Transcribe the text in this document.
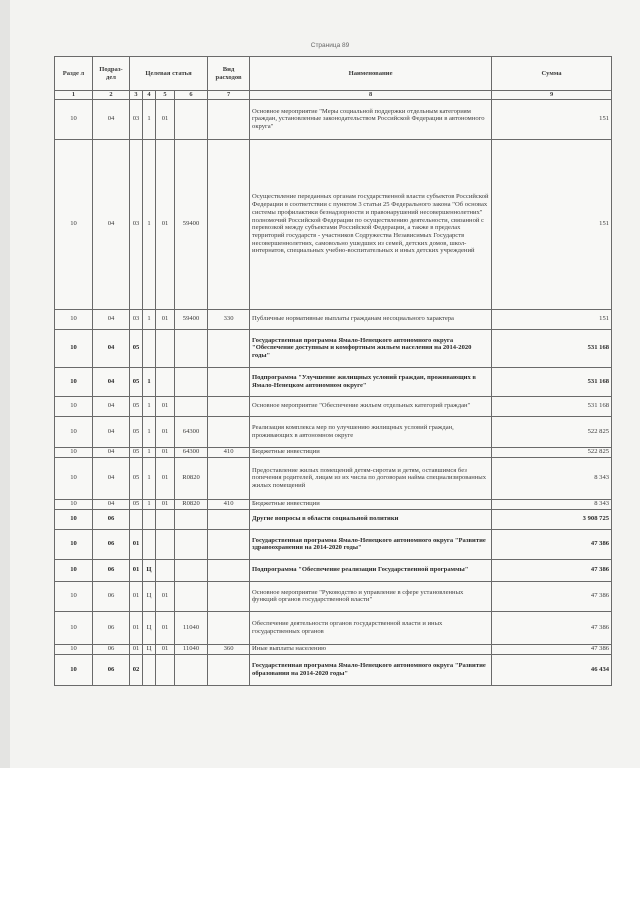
Страница 89
Разде л	Подраз- дел	Целевая статья				Вид расходов	Наименование	Сумма
1	2	3	4	5	6	7	8	9
10	04	03	1	01			Основное мероприятие "Меры социальной поддержки отдельным категориям граждан, установленные законодательством Российской Федерации в автономного округа"	151
10	04	03	1	01	59400		Осуществление переданных органам государственной власти субъектов Российской Федерации в соответствии с пунктом 3 статьи 25 Федерального закона "Об основах системы профилактики безнадзорности и правонарушений несовершеннолетних" полномочий Российской Федерации по осуществлению деятельности, связанной с перевозкой между субъектами Российской Федерации, а также в пределах территорий государств - участников Содружества Независимых Государств несовершеннолетних, самовольно ушедших из семей, детских домов, школ-интернатов, специальных учебно-воспитательных и иных детских учреждений	151
10	04	03	1	01	59400	330	Публичные нормативные выплаты гражданам несоциального характера	151
10	04	05					Государственная программа Ямало-Ненецкого автономного округа "Обеспечение доступным и комфортным жильем населения на 2014-2020 годы"	531 168
10	04	05	1				Подпрограмма "Улучшение жилищных условий граждан, проживающих в Ямало-Ненецком автономном округе"	531 168
10	04	05	1	01			Основное мероприятие "Обеспечение жильем отдельных категорий граждан"	531 168
10	04	05	1	01	64300		Реализация комплекса мер по улучшению жилищных условий граждан, проживающих в автономном округе	522 825
10	04	05	1	01	64300	410	Бюджетные инвестиции	522 825
10	04	05	1	01	R0820		Предоставление жилых помещений детям-сиротам и детям, оставшимся без попечения родителей, лицам из их числа по договорам найма специализированных жилых помещений	8 343
10	04	05	1	01	R0820	410	Бюджетные инвестиции	8 343
10	06						Другие вопросы в области социальной политики	3 908 725
10	06	01					Государственная программа Ямало-Ненецкого автономного округа "Развитие здравоохранения на 2014-2020 годы"	47 386
10	06	01	Ц				Подпрограмма "Обеспечение реализации Государственной программы"	47 386
10	06	01	Ц	01			Основное мероприятие "Руководство и управление в сфере установленных функций органов государственной власти"	47 386
10	06	01	Ц	01	11040		Обеспечение деятельности органов государственной власти и иных государственных органов	47 386
10	06	01	Ц	01	11040	360	Иные выплаты населению	47 386
10	06	02					Государственная программа Ямало-Ненецкого автономного округа "Развитие образования на 2014-2020 годы"	46 434
